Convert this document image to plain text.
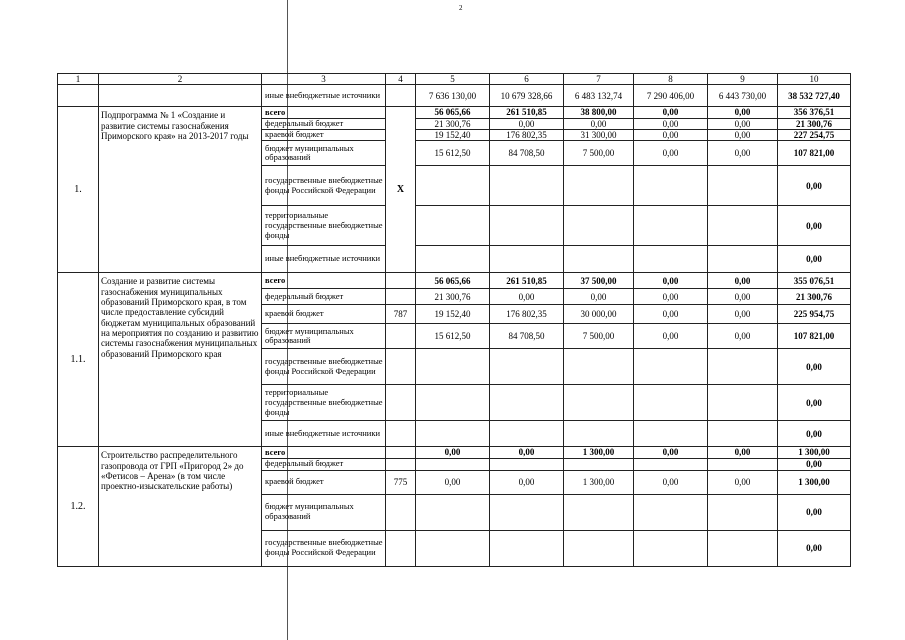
2
1	2	3	4	5	6	7	8	9	10
		иные внебюджетные источники		7 636 130,00	10 679 328,66	6 483 132,74	7 290 406,00	6 443 730,00	38 532 727,40
1.	Подпрограмма № 1 «Создание и развитие системы газоснабжения Приморского края» на 2013-2017 годы	всего	X	56 065,66	261 510,85	38 800,00	0,00	0,00	356 376,51
		федеральный бюджет		21 300,76	0,00	0,00	0,00	0,00	21 300,76
		краевой бюджет		19 152,40	176 802,35	31 300,00	0,00	0,00	227 254,75
		бюджет муниципальных образований		15 612,50	84 708,50	7 500,00	0,00	0,00	107 821,00
		государственные внебюджетные фонды Российской Федерации							0,00
		территориальные государственные внебюджетные фонды							0,00
		иные внебюджетные источники							0,00
1.1.	Создание и развитие системы газоснабжения муниципальных образований Приморского края, в том числе предоставление субсидий бюджетам муниципальных образований на мероприятия по созданию и развитию системы газоснабжения муниципальных образований Приморского края	всего		56 065,66	261 510,85	37 500,00	0,00	0,00	355 076,51
		федеральный бюджет		21 300,76	0,00	0,00	0,00	0,00	21 300,76
		краевой бюджет	787	19 152,40	176 802,35	30 000,00	0,00	0,00	225 954,75
		бюджет муниципальных образований		15 612,50	84 708,50	7 500,00	0,00	0,00	107 821,00
		государственные внебюджетные фонды Российской Федерации							0,00
		территориальные государственные внебюджетные фонды							0,00
		иные внебюджетные источники							0,00
1.2.	Строительство распределительного газопровода от ГРП «Пригород 2» до «Фетисов – Арена» (в том числе проектно-изыскательские работы)	всего		0,00	0,00	1 300,00	0,00	0,00	1 300,00
		федеральный бюджет							0,00
		краевой бюджет	775	0,00	0,00	1 300,00	0,00	0,00	1 300,00
		бюджет муниципальных образований							0,00
		государственные внебюджетные фонды Российской Федерации							0,00
